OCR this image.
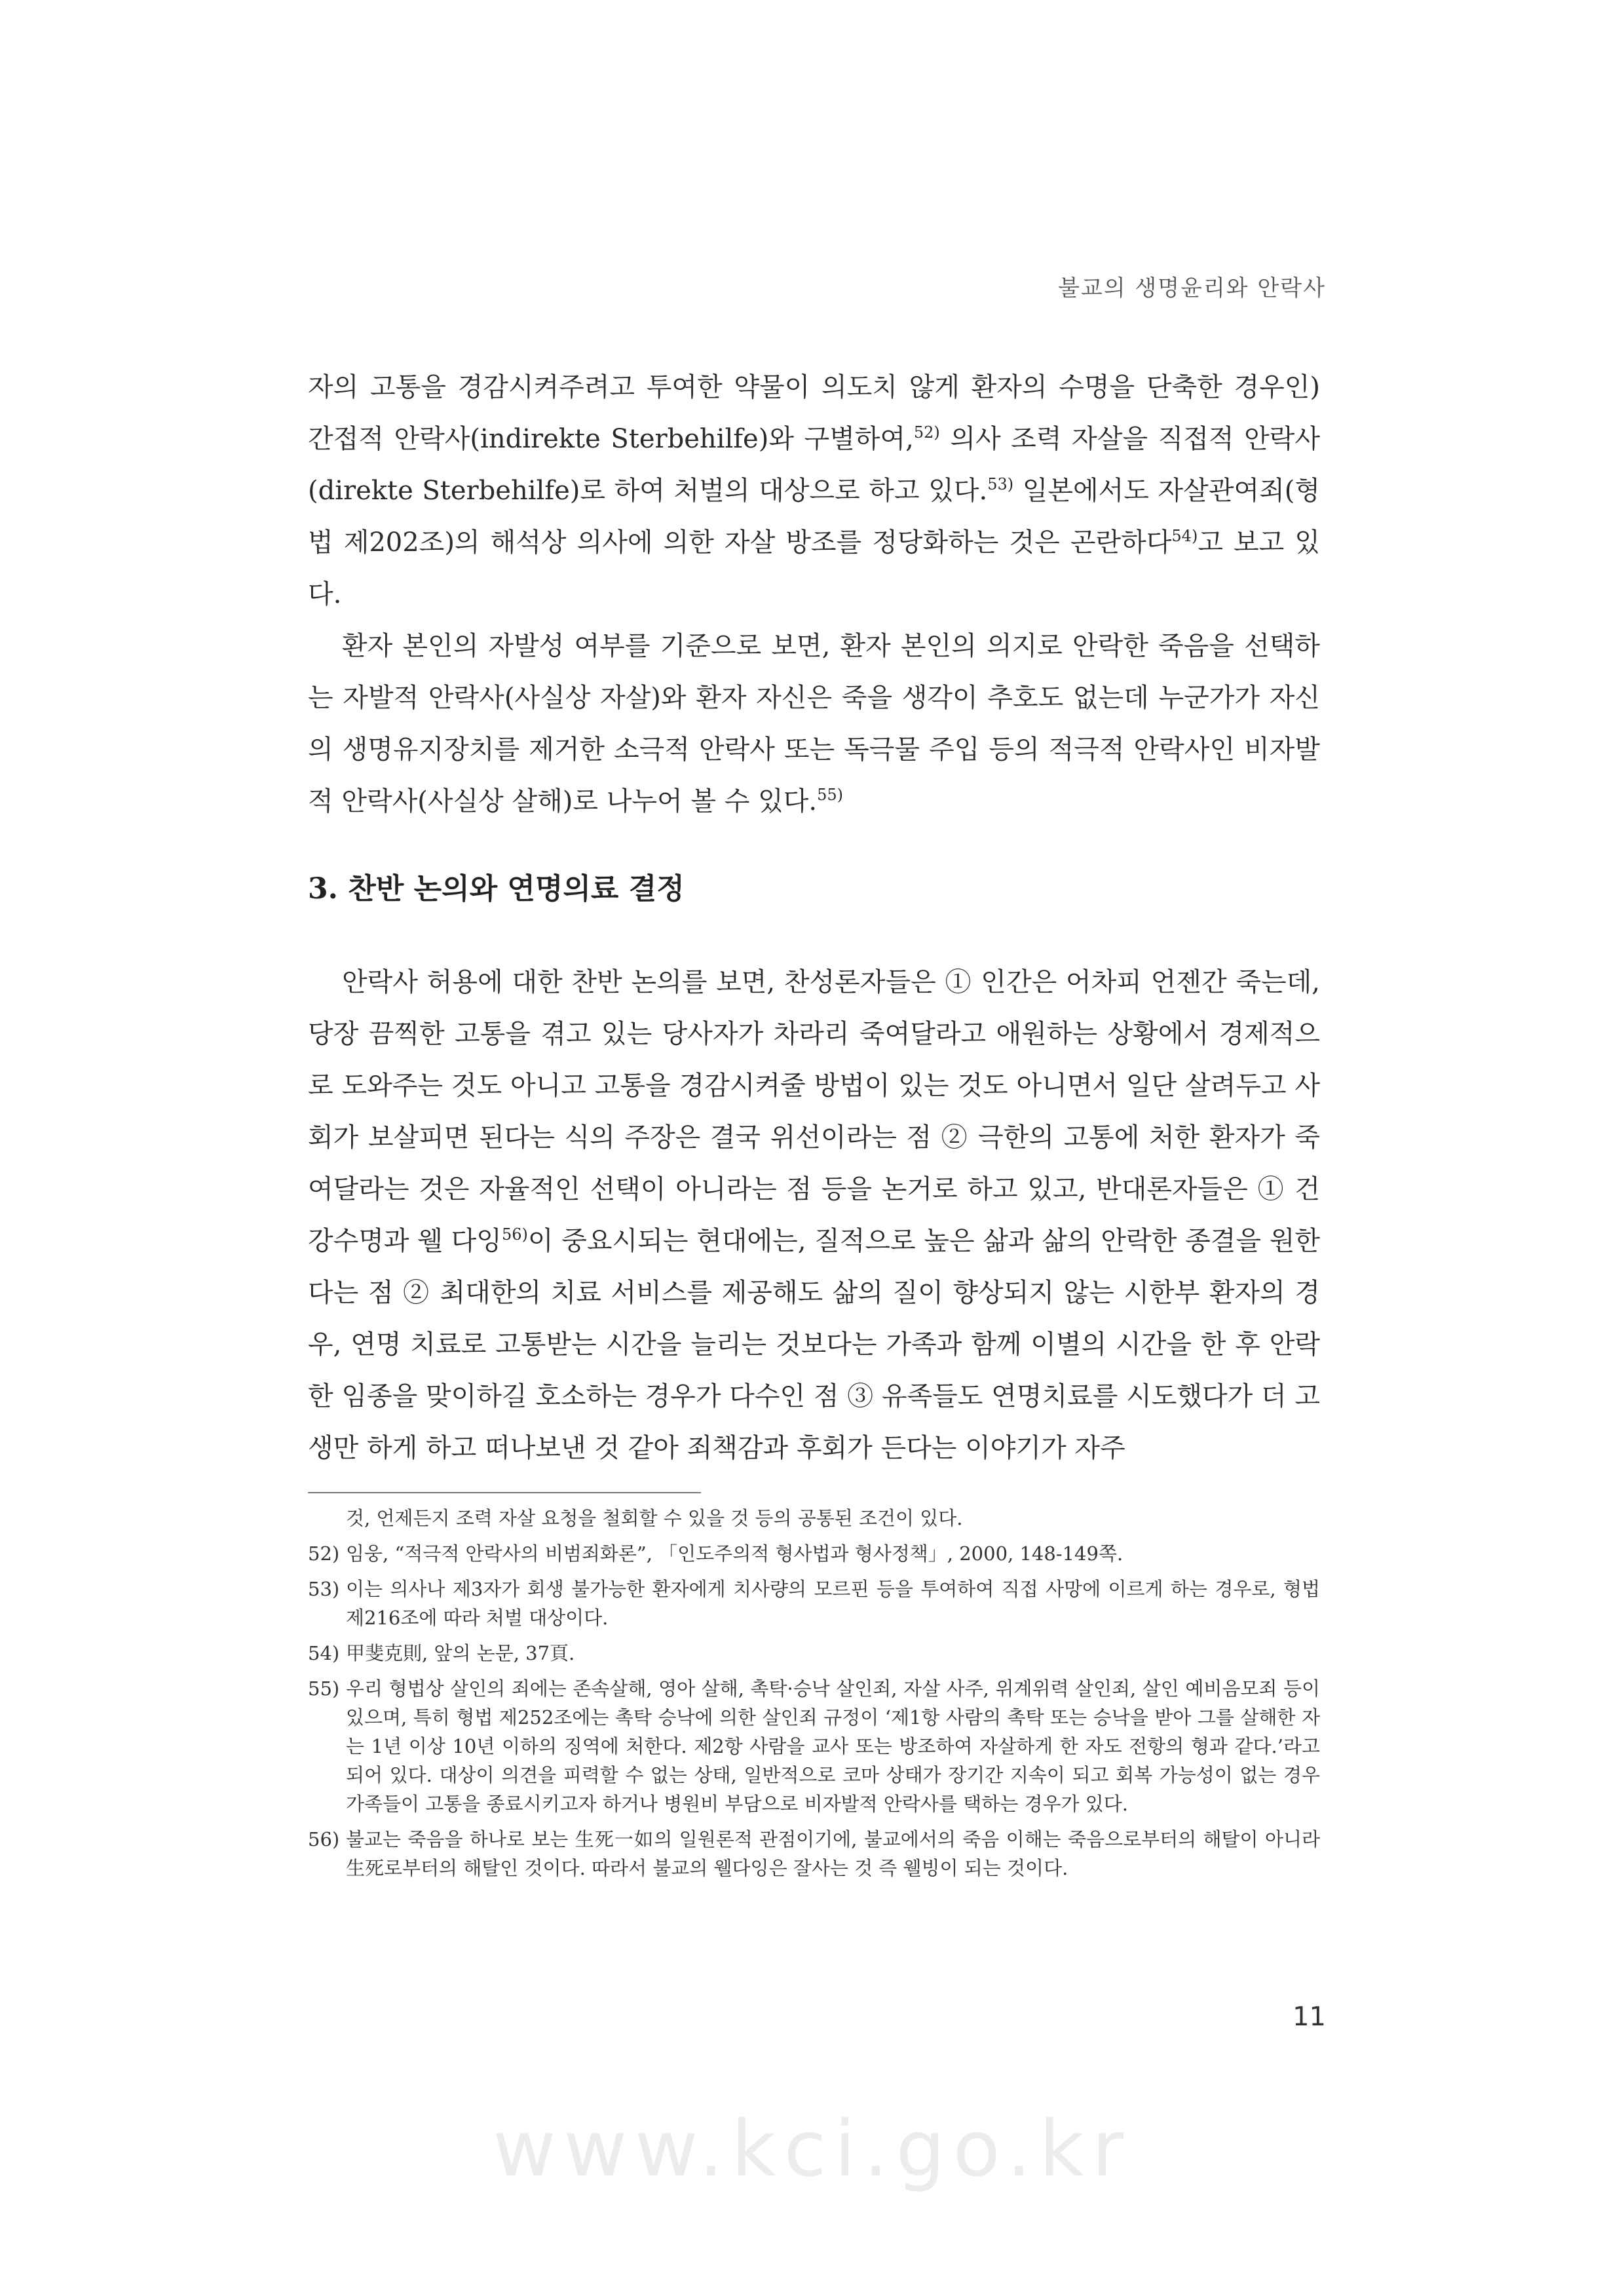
불교의 생명윤리와 안락사

자의 고통을 경감시켜주려고 투여한 약물이 의도치 않게 환자의 수명을 단축한 경우인) 간접적 안락사(indirekte Sterbehilfe)와 구별하여,$^{52)}$ 의사 조력 자살을 직접적 안락사(direkte Sterbehilfe)로 하여 처벌의 대상으로 하고 있다.$^{53)}$ 일본에서도 자살관여죄(형법 제202조)의 해석상 의사에 의한 자살 방조를 정당화하는 것은 곤란하다$^{54)}$고 보고 있다.

환자 본인의 자발성 여부를 기준으로 보면, 환자 본인의 의지로 안락한 죽음을 선택하는 자발적 안락사(사실상 자살)와 환자 자신은 죽을 생각이 추호도 없는데 누군가가 자신의 생명유지장치를 제거한 소극적 안락사 또는 독극물 주입 등의 적극적 안락사인 비자발적 안락사(사실상 살해)로 나누어 볼 수 있다.$^{55)}$

3. 찬반 논의와 연명의료 결정

안락사 허용에 대한 찬반 논의를 보면, 찬성론자들은 ① 인간은 어차피 언젠간 죽는데, 당장 끔찍한 고통을 겪고 있는 당사자가 차라리 죽여달라고 애원하는 상황에서 경제적으로 도와주는 것도 아니고 고통을 경감시켜줄 방법이 있는 것도 아니면서 일단 살려두고 사회가 보살피면 된다는 식의 주장은 결국 위선이라는 점 ② 극한의 고통에 처한 환자가 죽여달라는 것은 자율적인 선택이 아니라는 점 등을 논거로 하고 있고, 반대론자들은 ① 건강수명과 웰 다잉$^{56)}$이 중요시되는 현대에는, 질적으로 높은 삶과 삶의 안락한 종결을 원한다는 점 ② 최대한의 치료 서비스를 제공해도 삶의 질이 향상되지 않는 시한부 환자의 경우, 연명 치료로 고통받는 시간을 늘리는 것보다는 가족과 함께 이별의 시간을 한 후 안락한 임종을 맞이하길 호소하는 경우가 다수인 점 ③ 유족들도 연명치료를 시도했다가 더 고생만 하게 하고 떠나보낸 것 같아 죄책감과 후회가 든다는 이야기가 자주

것, 언제든지 조력 자살 요청을 철회할 수 있을 것 등의 공통된 조건이 있다.
52) 임웅, “적극적 안락사의 비범죄화론”, 「인도주의적 형사법과 형사정책」, 2000, 148-149쪽.
53) 이는 의사나 제3자가 회생 불가능한 환자에게 치사량의 모르핀 등을 투여하여 직접 사망에 이르게 하는 경우로, 형법 제216조에 따라 처벌 대상이다.
54) 甲斐克則, 앞의 논문, 37頁.
55) 우리 형법상 살인의 죄에는 존속살해, 영아 살해, 촉탁·승낙 살인죄, 자살 사주, 위계위력 살인죄, 살인 예비음모죄 등이 있으며, 특히 형법 제252조에는 촉탁 승낙에 의한 살인죄 규정이 ‘제1항 사람의 촉탁 또는 승낙을 받아 그를 살해한 자는 1년 이상 10년 이하의 징역에 처한다. 제2항 사람을 교사 또는 방조하여 자살하게 한 자도 전항의 형과 같다.’라고 되어 있다. 대상이 의견을 피력할 수 없는 상태, 일반적으로 코마 상태가 장기간 지속이 되고 회복 가능성이 없는 경우 가족들이 고통을 종료시키고자 하거나 병원비 부담으로 비자발적 안락사를 택하는 경우가 있다.
56) 불교는 죽음을 하나로 보는 生死一如의 일원론적 관점이기에, 불교에서의 죽음 이해는 죽음으로부터의 해탈이 아니라 生死로부터의 해탈인 것이다. 따라서 불교의 웰다잉은 잘사는 것 즉 웰빙이 되는 것이다.
11
www.kci.go.kr
